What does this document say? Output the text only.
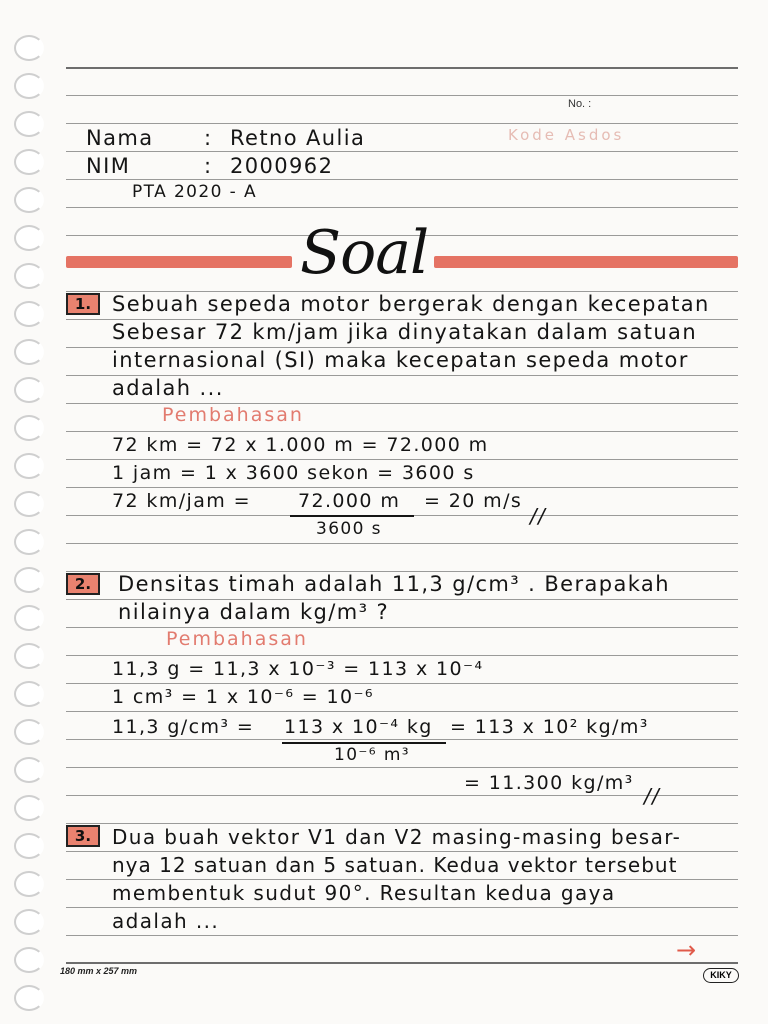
No. :
Kode Asdos
Nama : Retno Aulia
NIM	: 2000962
PTA 2020 - A
Soal
1. Sebuah sepeda motor bergerak dengan kecepatan
Sebesar 72 km/jam jika dinyatakan dalam satuan
internasional (SI) maka kecepatan sepeda motor
adalah ...
Pembahasan
72 km = 72 x 1.000 m = 72.000 m
1 jam = 1 x 3600 sekon = 3600 s
72 km/jam = 72.000 m
3600 s
= 20 m/s
//
2.	Densitas timah adalah 11,3 g/cm³ . Berapakah
nilainya dalam kg/m³ ?
Pembahasan
11,3 g = 11,3 x 10⁻³ = 113 x 10⁻⁴
1 cm³ = 1 x 10⁻⁶ = 10⁻⁶
11,3 g/cm³ = 113 x 10⁻⁴ kg
10⁻⁶ m³
= 113 x 10² kg/m³
= 11.300 kg/m³
//
3.	Dua buah vektor V1 dan V2 masing-masing besar-
nya 12 satuan dan 5 satuan. Kedua vektor tersebut
membentuk sudut 90°. Resultan kedua gaya
adalah ...
180 mm x 257 mm
→
KIKY
